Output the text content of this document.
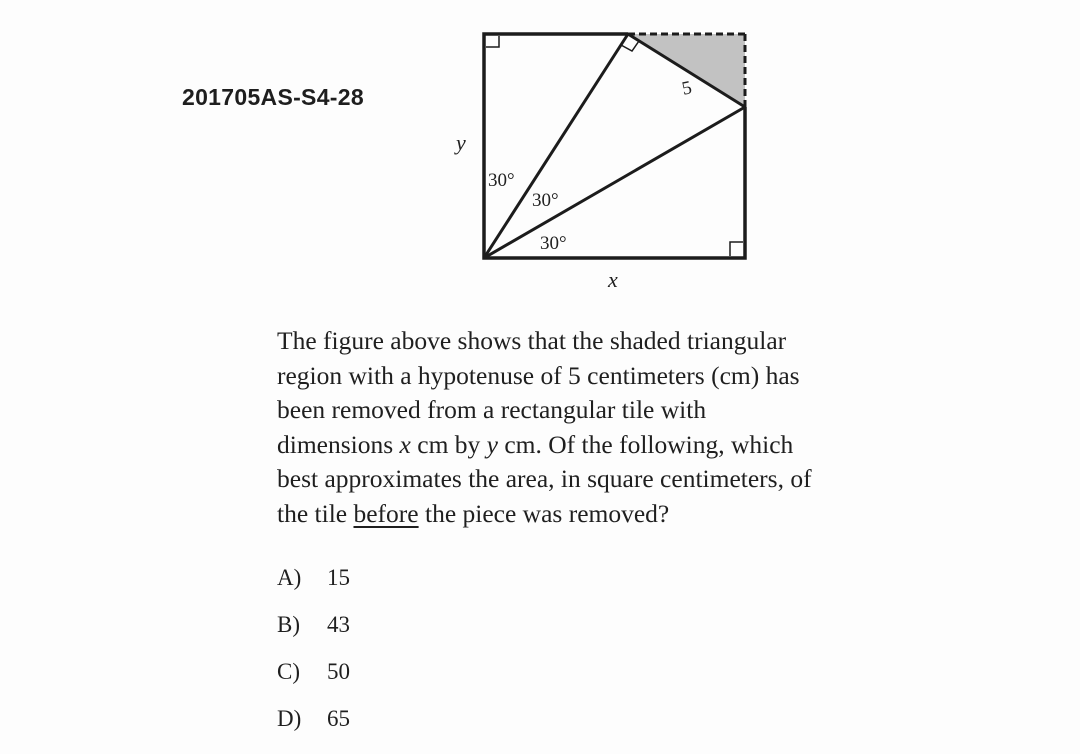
201705AS-S4-28	5
y
x
30°
30°
30°
The figure above shows that the shaded triangular
region with a hypotenuse of 5 centimeters (cm) has
been removed from a rectangular tile with
dimensions x cm by y cm. Of the following, which
best approximates the area, in square centimeters, of
the tile before the piece was removed?
A)	15
B)	43
C)	50
D)	65
